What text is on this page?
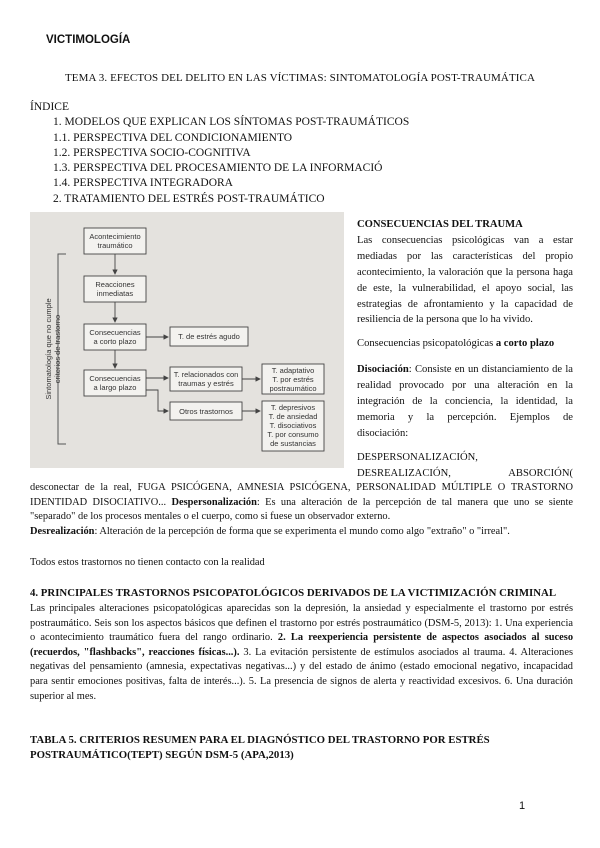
VICTIMOLOGÍA
TEMA 3. EFECTOS DEL DELITO EN LAS VÍCTIMAS: SINTOMATOLOGÍA POST-TRAUMÁTICA
ÍNDICE
1. MODELOS QUE EXPLICAN LOS SÍNTOMAS POST-TRAUMÁTICOS
1.1. PERSPECTIVA DEL CONDICIONAMIENTO
1.2. PERSPECTIVA SOCIO-COGNITIVA
1.3. PERSPECTIVA DEL PROCESAMIENTO DE LA INFORMACIÓ
1.4. PERSPECTIVA INTEGRADORA
2. TRATAMIENTO DEL ESTRÉS POST-TRAUMÁTICO
Sintomatología que no cumple criterios de trastorno
Acontecimiento
traumático
Reacciones
inmediatas
Consecuencias
a corto plazo
T. de estrés agudo
Consecuencias
a largo plazo
T. relacionados con
traumas y estrés
T. adaptativo
T. por estrés
postraumático
Otros trastornos	T. depresivos
T. de ansiedad
T. disociativos
T. por consumo
de sustancias

CONSECUENCIAS DEL TRAUMA

Las consecuencias psicológicas van a estar mediadas por las características del propio acontecimiento, la valoración que la persona haga de este, la vulnerabilidad, el apoyo social, las estrategias de afrontamiento y la capacidad de resiliencia de la persona que lo ha vivido.

Consecuencias psicopatológicas a corto plazo

Disociación: Consiste en un distanciamiento de la realidad provocado por una alteración en la integración de la conciencia, la identidad, la memoria y la percepción. Ejemplos de disociación:

DESPERSONALIZACIÓN,

DESREALIZACIÓN,	ABSORCIÓN(

desconectar de la real, FUGA PSICÓGENA, AMNESIA PSICÓGENA, PERSONALIDAD MÚLTIPLE O TRASTORNO IDENTIDAD DISOCIATIVO... Despersonalización: Es una alteración de la percepción de tal manera que uno se siente "separado" de los procesos mentales o el cuerpo, como si fuese un observador externo.

Desrealización: Alteración de la percepción de forma que se experimenta el mundo como algo "extraño" o "irreal".

Todos estos trastornos no tienen contacto con la realidad
4. PRINCIPALES TRASTORNOS PSICOPATOLÓGICOS DERIVADOS DE LA VICTIMIZACIÓN CRIMINAL

Las principales alteraciones psicopatológicas aparecidas son la depresión, la ansiedad y especialmente el trastorno por estrés postraumático. Seis son los aspectos básicos que definen el trastorno por estrés postraumático (DSM-5, 2013): 1. Una experiencia o acontecimiento traumático fuera del rango ordinario. 2. La reexperiencia persistente de aspectos asociados al suceso (recuerdos, "flashbacks", reacciones físicas...). 3. La evitación persistente de estímulos asociados al trauma. 4. Alteraciones negativas del pensamiento (amnesia, expectativas negativas...) y del estado de ánimo (estado emocional negativo, incapacidad para sentir emociones positivas, falta de interés...). 5. La presencia de signos de alerta y reactividad excesivos. 6. Una duración superior al mes.

TABLA 5. CRITERIOS RESUMEN PARA EL DIAGNÓSTICO DEL TRASTORNO POR ESTRÉS POSTRAUMÁTICO(TEPT) SEGÚN DSM-5 (APA,2013)
1
